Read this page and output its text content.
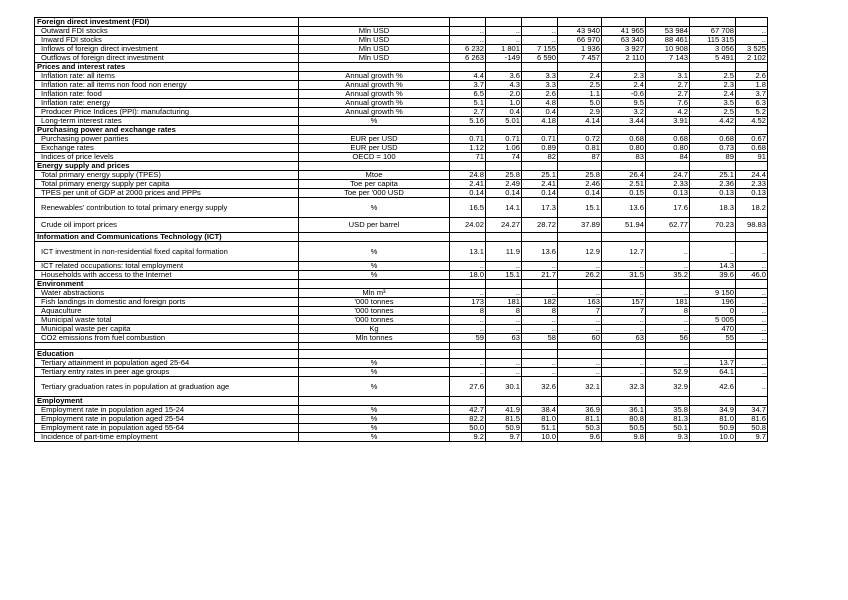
Foreign direct investment (FDI)									
Outward FDI stocks	Mln USD	..	..	..	43 940	41 965	53 984	67 708	..
Inward FDI stocks	Mln USD	..	..	..	66 970	63 340	88 461	115 315	..
Inflows of foreign direct investment	Mln USD	6 232	1 801	7 155	1 936	3 927	10 908	3 056	3 525
Outflows of foreign direct investment	Mln USD	6 263	-149	6 590	7 457	2 110	7 143	5 491	2 102
Prices and interest rates									
Inflation rate: all items	Annual growth %	4.4	3.6	3.3	2.4	2.3	3.1	2.5	2.6
Inflation rate: all items non food non energy	Annual growth %	3.7	4.3	3.3	2.5	2.4	2.7	2.3	1.8
Inflation rate: food	Annual growth %	6.5	2.0	2.6	1.1	-0.6	2.7	2.4	3.7
Inflation rate: energy	Annual growth %	5.1	1.0	4.8	5.0	9.5	7.6	3.5	6.3
Producer Price Indices (PPI): manufacturing	Annual growth %	2.7	0.4	0.4	2.9	3.2	4.2	2.5	5.2
Long-term interest rates	%	5.16	5.01	4.18	4.14	3.44	3.91	4.42	4.52
Purchasing power and exchange rates									
Purchasing power parities	EUR per USD	0.71	0.71	0.71	0.72	0.68	0.68	0.68	0.67
Exchange rates	EUR per USD	1.12	1.06	0.89	0.81	0.80	0.80	0.73	0.68
Indices of price levels	OECD = 100	71	74	82	87	83	84	89	91
Energy supply and prices									
Total primary energy supply (TPES)	Mtoe	24.8	25.8	25.1	25.8	26.4	24.7	25.1	24.4
Total primary energy supply per capita	Toe per capita	2.41	2.49	2.41	2.46	2.51	2.33	2.36	2.33
TPES per unit of GDP at 2000 prices and PPPs	Toe per '000 USD	0.14	0.14	0.14	0.14	0.15	0.13	0.13	0.13
Renewables' contribution to total primary energy supply	%	16.5	14.1	17.3	15.1	13.6	17.6	18.3	18.2
Crude oil import prices	USD per barrel	24.02	24.27	28.72	37.89	51.94	62.77	70.23	98.83
Information and Communications Technology (ICT)									
ICT investment in non-residential fixed capital formation	%	13.1	11.9	13.6	12.9	12.7	..	..	..
ICT related occupations: total employment	%	..	..	..	..	..	..	14.3	..
Households with access to the Internet	%	18.0	15.1	21.7	26.2	31.5	35.2	39.6	46.0
Environment									
Water abstractions	Mln m³	..	..	..	..	..	..	9 150	..
Fish landings in domestic and foreign ports	'000 tonnes	173	181	182	163	157	181	196	..
Aquaculture	'000 tonnes	8	8	8	7	7	8	0	..
Municipal waste total	'000 tonnes	..	..	..	..	..	..	5 005	..
Municipal waste per capita	Kg	..	..	..	..	..	..	470	..
CO2 emissions from fuel combustion	Mln tonnes	59	63	58	60	63	56	55	..

Education									
Tertiary attainment in population aged 25-64	%	..	..	..	..	..	..	13.7	..
Tertiary entry rates in peer age groups	%	..	..	..	..	..	52.9	64.1	..
Tertiary graduation rates in population at graduation age	%	27.6	30.1	32.6	32.1	32.3	32.9	42.6	..
Employment									
Employment rate in population aged 15-24	%	42.7	41.9	38.4	36.9	36.1	35.8	34.9	34.7
Employment rate in population aged 25-54	%	82.2	81.5	81.0	81.1	80.8	81.3	81.0	81.6
Employment rate in population aged 55-64	%	50.0	50.9	51.1	50.3	50.5	50.1	50.9	50.8
Incidence of part-time employment	%	9.2	9.7	10.0	9.6	9.8	9.3	10.0	9.7
